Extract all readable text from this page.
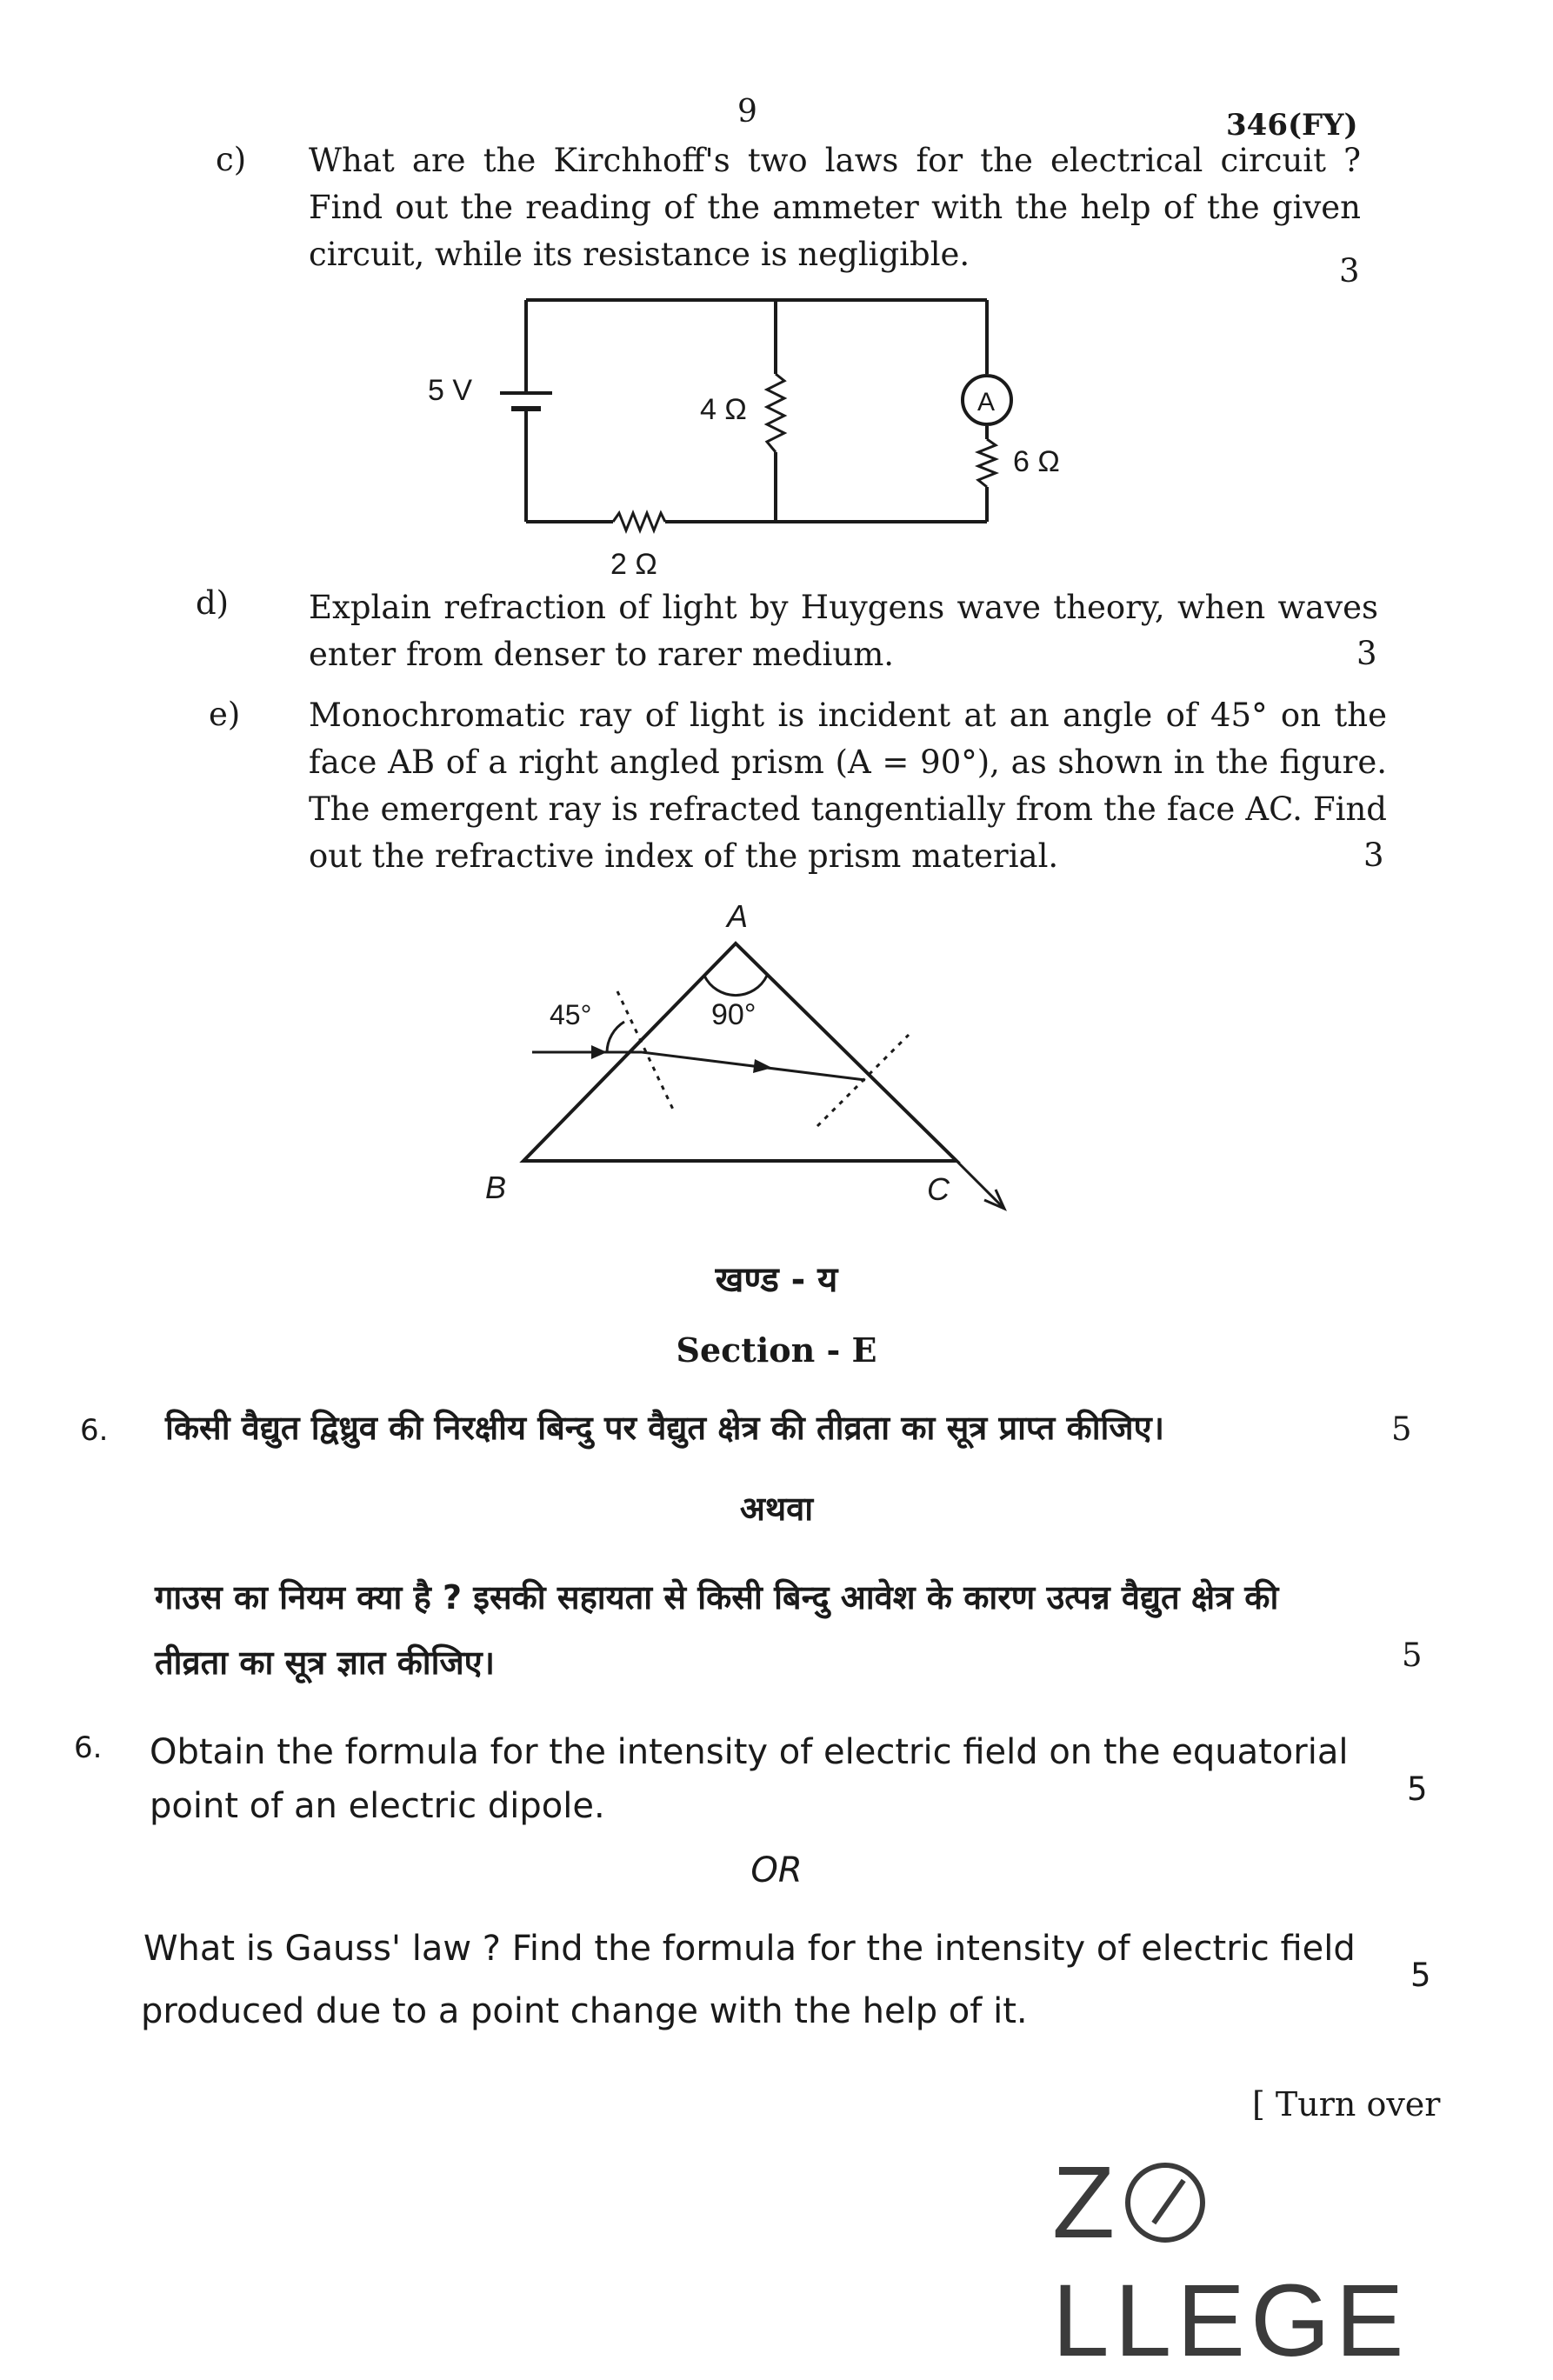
9	346(FY)
c) What are the Kirchhoff's two laws for the electrical circuit ? Find out the reading of the ammeter with the help of the given circuit, while its resistance is negligible.	3
5 V
4 Ω	A
6 Ω
2 Ω
d) Explain refraction of light by Huygens wave theory, when waves enter from denser to rarer medium.	3
e) Monochromatic ray of light is incident at an angle of 45° on the face AB of a right angled prism (A = 90°), as shown in the figure. The emergent ray is refracted tangentially from the face AC. Find out the refractive index of the prism material.	3
A
90°
45°
B	C
खण्ड - य
Section - E
6. किसी वैद्युत द्विध्रुव की निरक्षीय बिन्दु पर वैद्युत क्षेत्र की तीव्रता का सूत्र प्राप्त कीजिए।	5
अथवा
गाउस का नियम क्या है ? इसकी सहायता से किसी बिन्दु आवेश के कारण उत्पन्न वैद्युत क्षेत्र की
तीव्रता का सूत्र ज्ञात कीजिए।	5
6. Obtain the formula for the intensity of electric field on the equatorial
point of an electric dipole.	5
OR
What is Gauss' law ? Find the formula for the intensity of electric field
produced due to a point change with the help of it.
5
[ Turn over
Z
LLEGE
